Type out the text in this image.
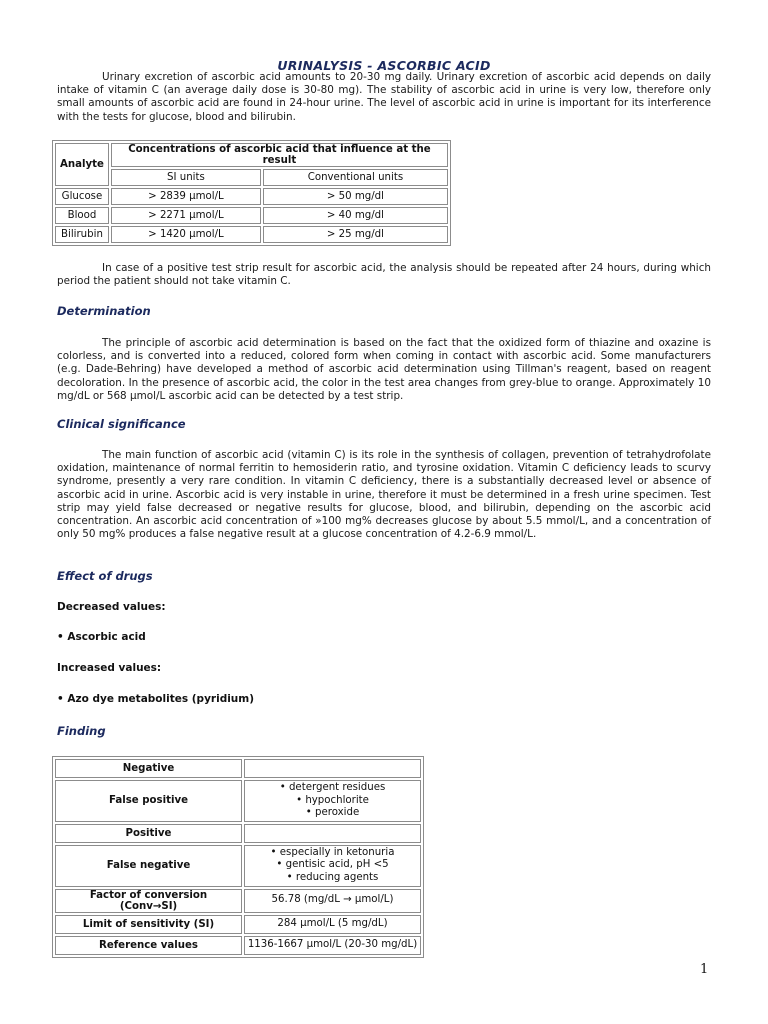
URINALYSIS - ASCORBIC ACID

Urinary excretion of ascorbic acid amounts to 20-30 mg daily. Urinary excretion of ascorbic acid depends on daily intake of vitamin C (an average daily dose is 30-80 mg). The stability of ascorbic acid in urine is very low, therefore only small amounts of ascorbic acid are found in 24-hour urine. The level of ascorbic acid in urine is important for its interference with the tests for glucose, blood and bilirubin.

Analyte	Concentrations of ascorbic acid that influence at the result	
	SI units	Conventional units
Glucose	> 2839 μmol/L	> 50 mg/dl
Blood	> 2271 μmol/L	> 40 mg/dl
Bilirubin	> 1420 μmol/L	> 25 mg/dl

In case of a positive test strip result for ascorbic acid, the analysis should be repeated after 24 hours, during which period the patient should not take vitamin C.

Determination

The principle of ascorbic acid determination is based on the fact that the oxidized form of thiazine and oxazine is colorless, and is converted into a reduced, colored form when coming in contact with ascorbic acid. Some manufacturers (e.g. Dade-Behring) have developed a method of ascorbic acid determination using Tillman's reagent, based on reagent decoloration. In the presence of ascorbic acid, the color in the test area changes from grey-blue to orange. Approximately 10 mg/dL or 568 μmol/L ascorbic acid can be detected by a test strip.

Clinical significance

The main function of ascorbic acid (vitamin C) is its role in the synthesis of collagen, prevention of tetrahydrofolate oxidation, maintenance of normal ferritin to hemosiderin ratio, and tyrosine oxidation. Vitamin C deficiency leads to scurvy syndrome, presently a very rare condition. In vitamin C deficiency, there is a substantially decreased level or absence of ascorbic acid in urine. Ascorbic acid is very instable in urine, therefore it must be determined in a fresh urine specimen. Test strip may yield false decreased or negative results for glucose, blood, and bilirubin, depending on the ascorbic acid concentration. An ascorbic acid concentration of »100 mg% decreases glucose by about 5.5 mmol/L, and a concentration of only 50 mg% produces a false negative result at a glucose concentration of 4.2-6.9 mmol/L.

Effect of drugs

Decreased values:

• Ascorbic acid

Increased values:

• Azo dye metabolites (pyridium)

Finding
Negative	
False positive	• detergent residues
• hypochlorite
• peroxide

Positive	
False negative	• especially in ketonuria
• gentisic acid, pH <5
• reducing agents

Factor of conversion (Conv→SI)	56.78 (mg/dL → μmol/L)
Limit of sensitivity (SI)	284 μmol/L (5 mg/dL)
Reference values	1136-1667 μmol/L (20-30 mg/dL)
1
